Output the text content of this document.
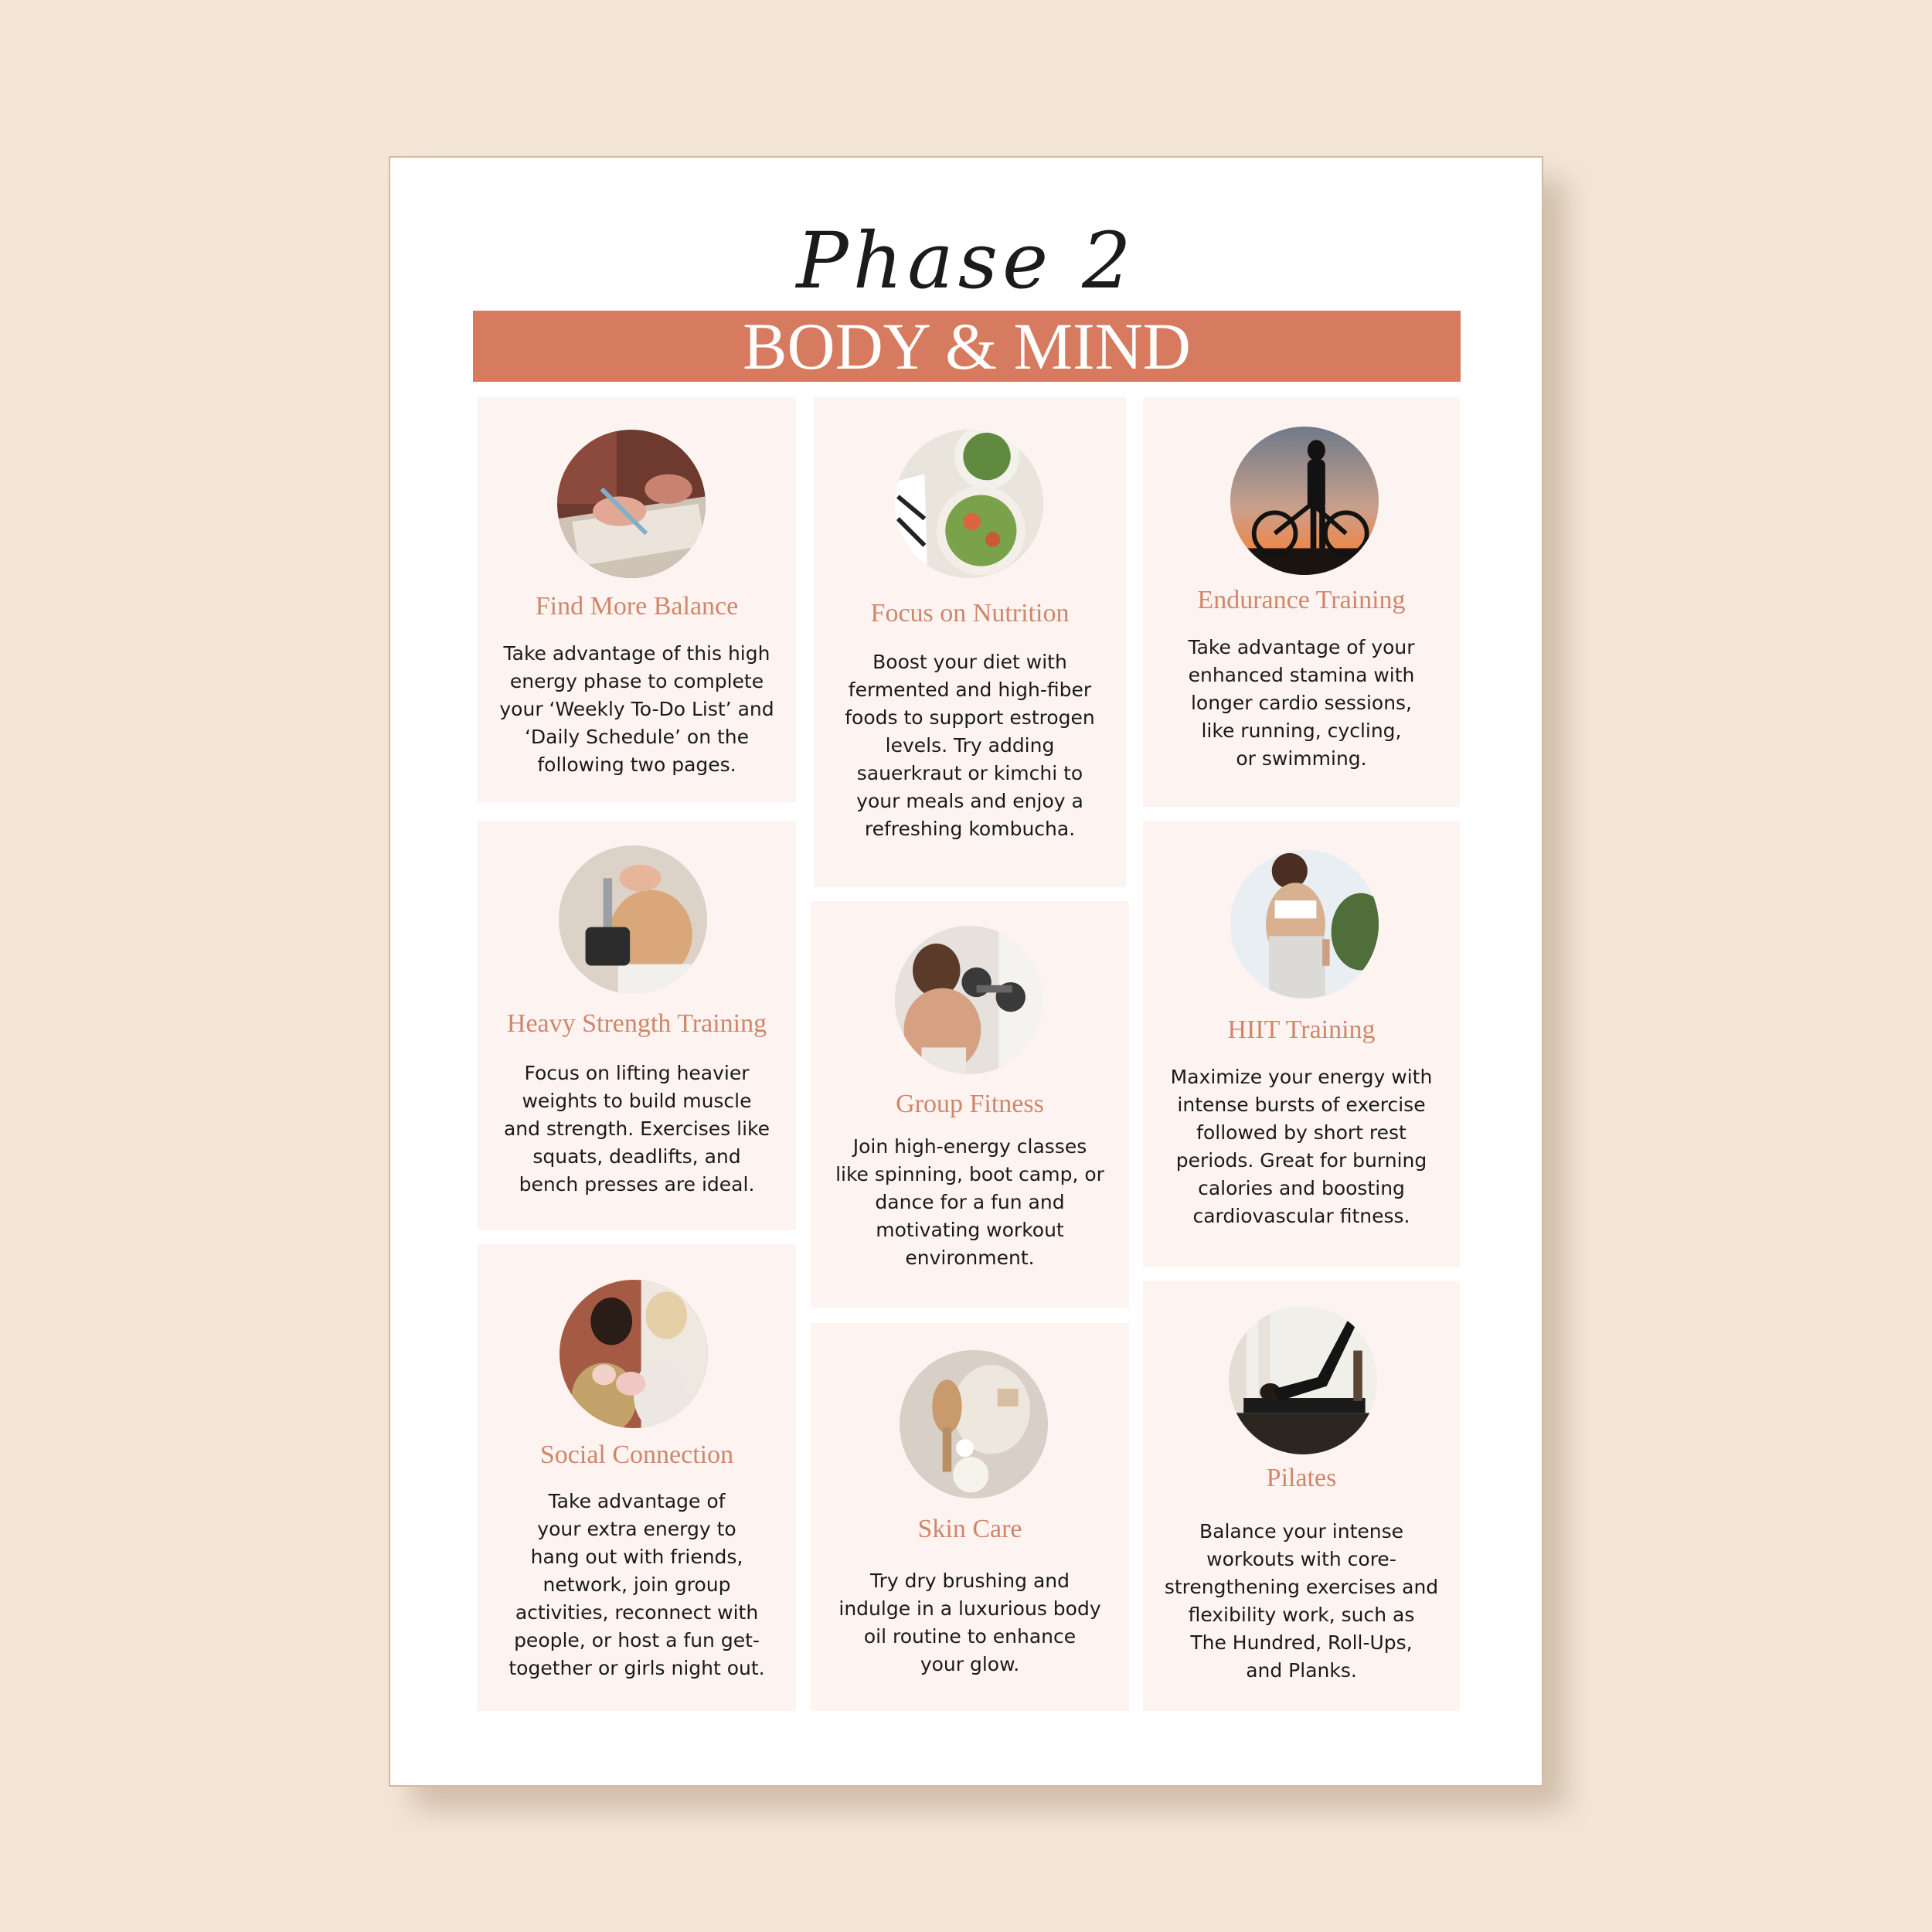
Phase 2
BODY & MIND
Find More Balance
Take advantage of this high
energy phase to complete
your ‘Weekly To-Do List’ and
‘Daily Schedule’ on the
following two pages.
Heavy Strength Training
Focus on lifting heavier
weights to build muscle
and strength. Exercises like
squats, deadlifts, and
bench presses are ideal.
Social Connection
Take advantage of
your extra energy to
hang out with friends,
network, join group
activities, reconnect with
people, or host a fun get-
together or girls night out.
Focus on Nutrition
Boost your diet with
fermented and high-fiber
foods to support estrogen
levels. Try adding
sauerkraut or kimchi to
your meals and enjoy a
refreshing kombucha.
Group Fitness
Join high-energy classes
like spinning, boot camp, or
dance for a fun and
motivating workout
environment.
Skin Care
Try dry brushing and
indulge in a luxurious body
oil routine to enhance
your glow.
Endurance Training
Take advantage of your
enhanced stamina with
longer cardio sessions,
like running, cycling,
or swimming.
HIIT Training
Maximize your energy with
intense bursts of exercise
followed by short rest
periods. Great for burning
calories and boosting
cardiovascular fitness.
Pilates
Balance your intense
workouts with core-
strengthening exercises and
flexibility work, such as
The Hundred, Roll-Ups,
and Planks.
